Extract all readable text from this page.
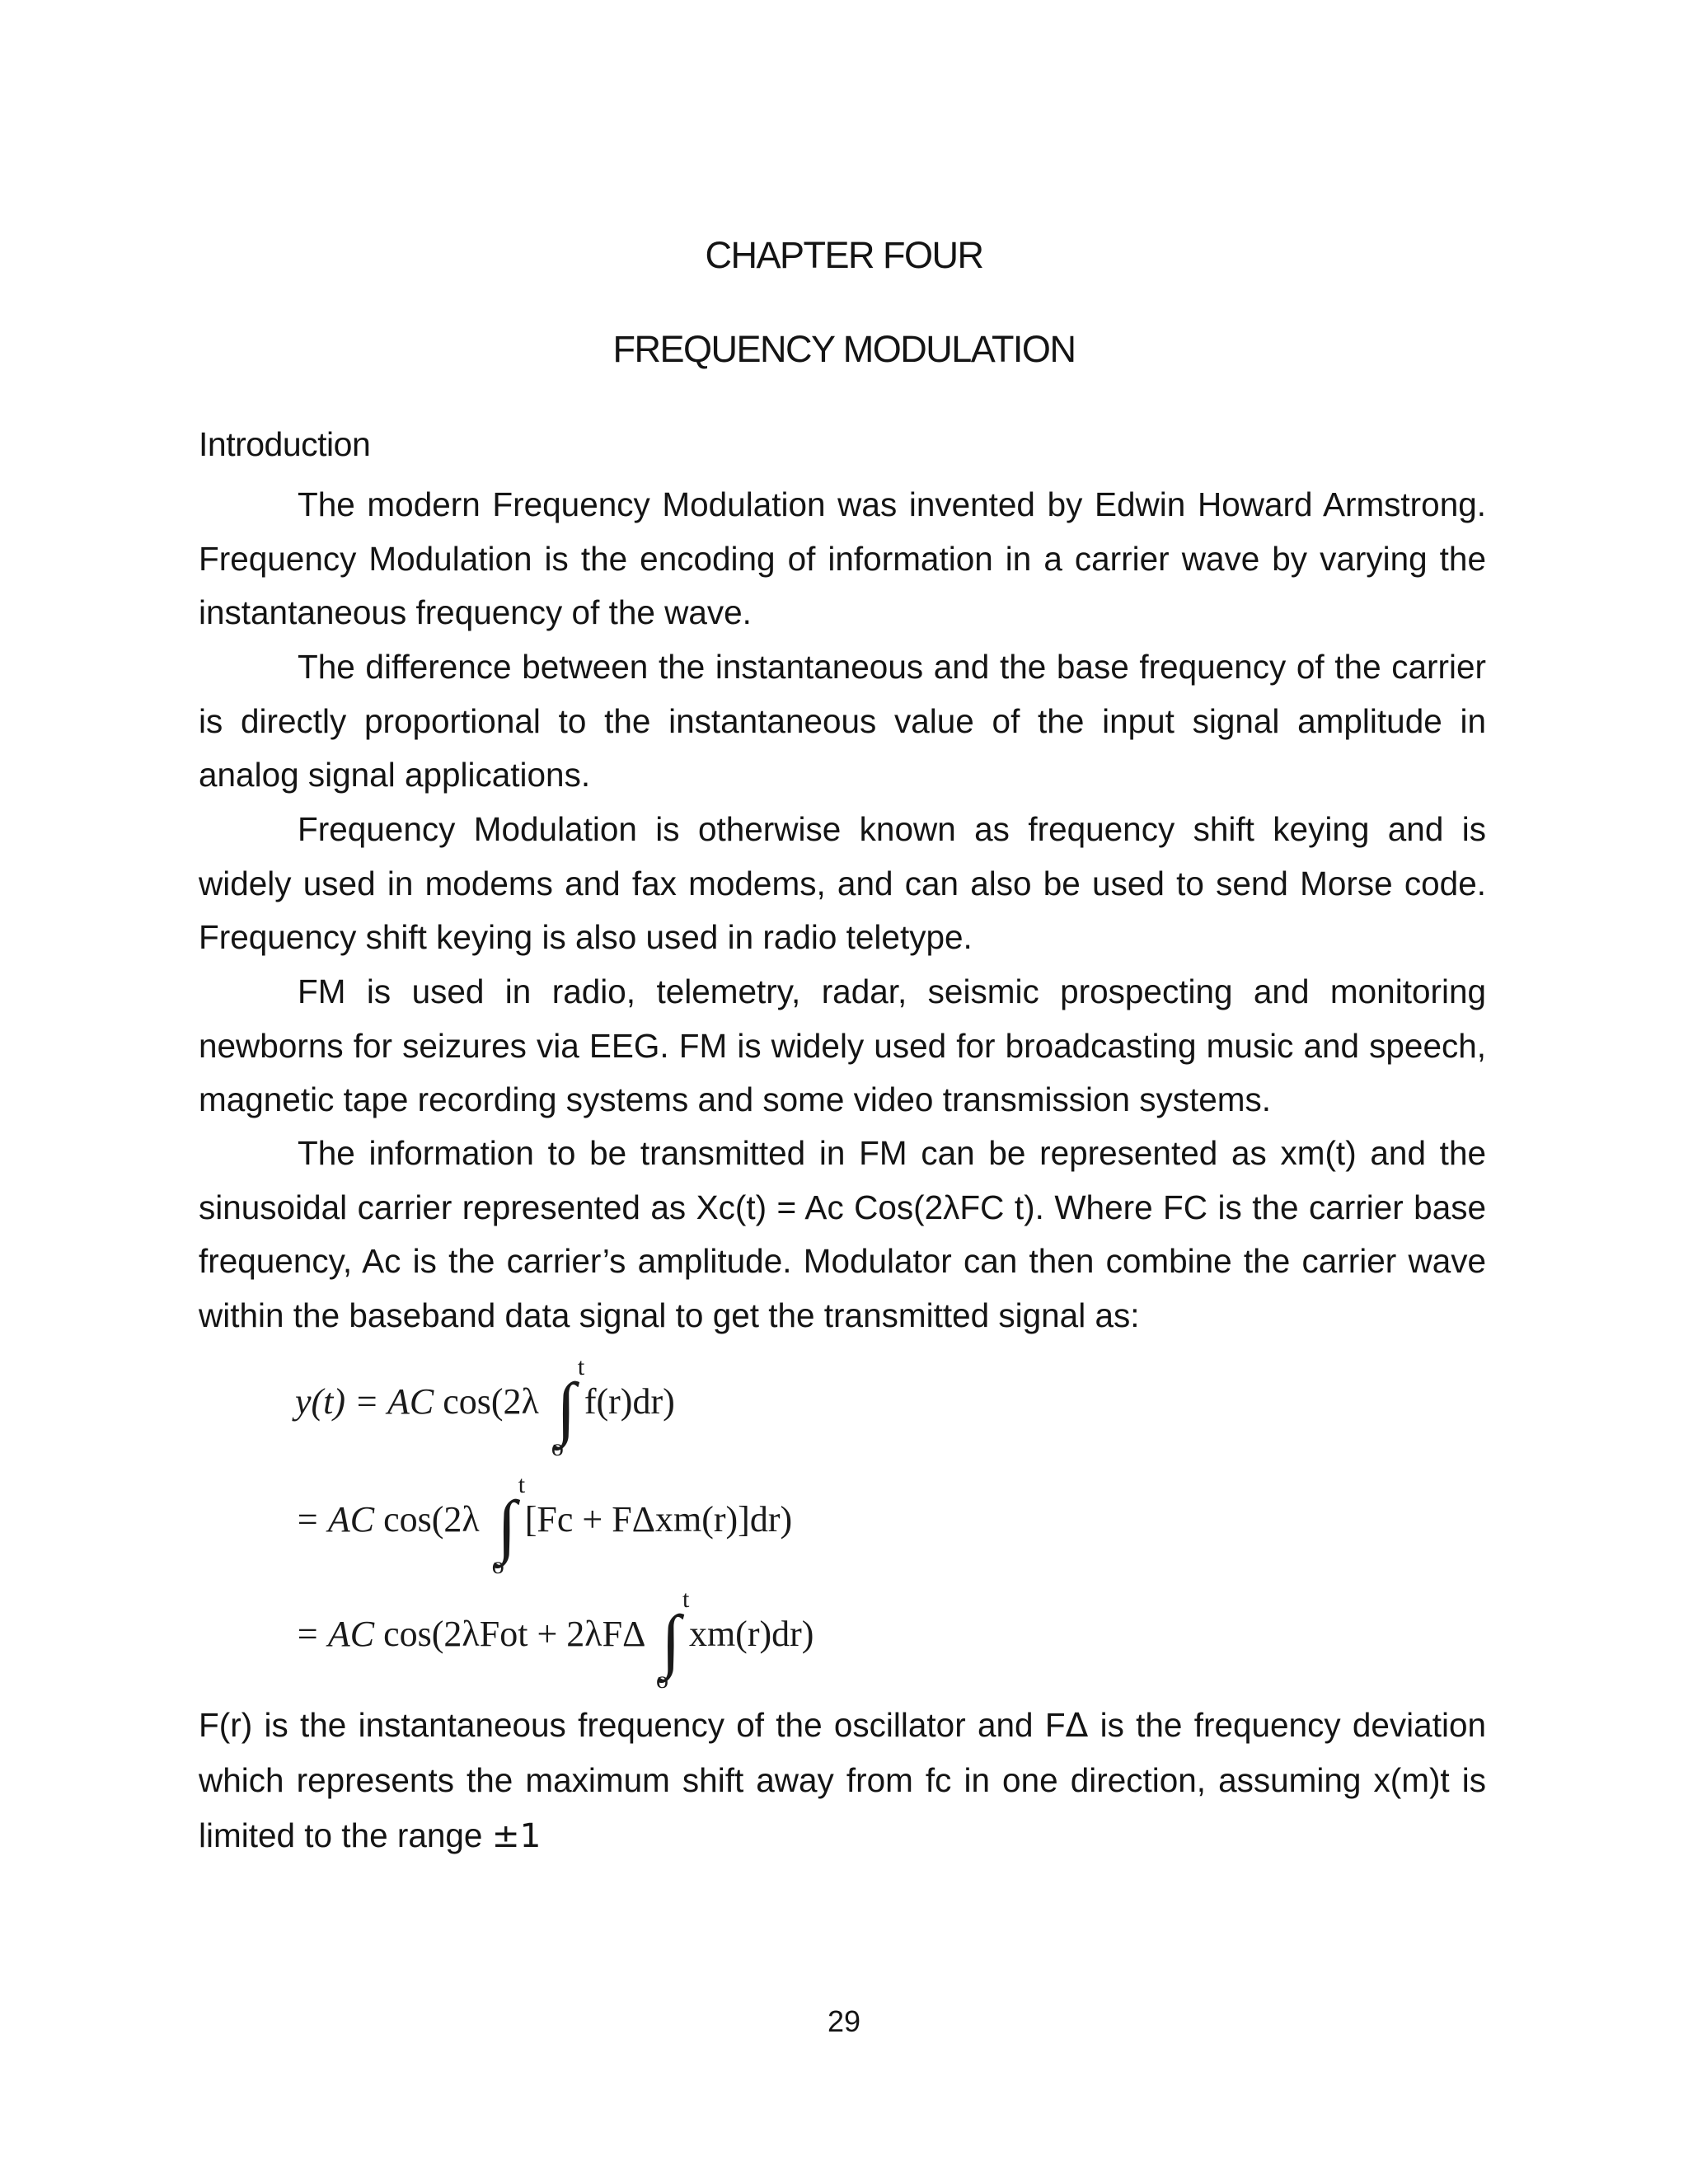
CHAPTER FOUR
FREQUENCY MODULATION
Introduction

The modern Frequency Modulation was invented by Edwin Howard Armstrong. Frequency Modulation is the encoding of information in a carrier wave by varying the instantaneous frequency of the wave.

The difference between the instantaneous and the base frequency of the carrier is directly proportional to the instantaneous value of the input signal amplitude in analog signal applications.

Frequency Modulation is otherwise known as frequency shift keying and is widely used in modems and fax modems, and can also be used to send Morse code. Frequency shift keying is also used in radio teletype.

FM is used in radio, telemetry, radar, seismic prospecting and monitoring newborns for seizures via EEG. FM is widely used for broadcasting music and speech, magnetic tape recording systems and some video transmission systems.

The information to be transmitted in FM can be represented as xm(t) and the sinusoidal carrier represented as Xc(t) = Ac Cos(2λFC t). Where FC is the carrier base frequency, Ac is the carrier’s amplitude. Modulator can then combine the carrier wave within the baseband data signal to get the transmitted signal as:

y(t) = AC cos(2λ ∫
t
o
f(r)dr)
= AC cos(2λ ∫
t
o
[Fc + FΔxm(r)]dr)
= AC cos(2λFot + 2λFΔ ∫
t
o
xm(r)dr)

F(r) is the instantaneous frequency of the oscillator and FΔ is the frequency deviation which represents the maximum shift away from fc in one direction, assuming x(m)t is limited to the range ±1

29
